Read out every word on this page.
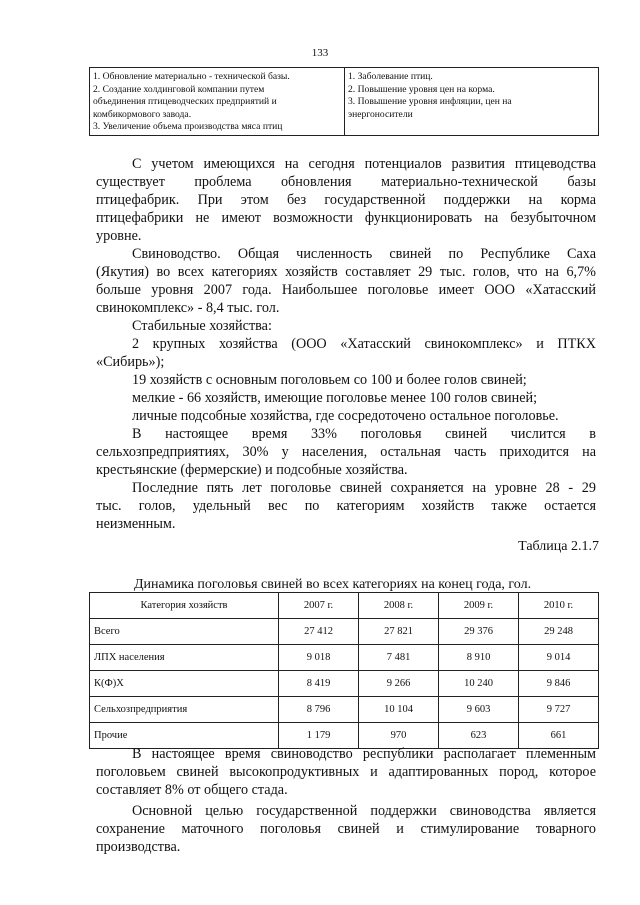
133
1. Обновление материально - технической базы.
2. Создание холдинговой компании путем
объединения птицеводческих предприятий и
комбикормового завода.
3. Увеличение объема производства мяса птиц

1. Заболевание птиц.
2. Повышение уровня цен на корма.
3. Повышение уровня инфляции, цен на
энергоносители

С учетом имеющихся на сегодня потенциалов развития птицеводства

существует проблема обновления материально-технической базы

птицефабрик. При этом без государственной поддержки на корма

птицефабрики не имеют возможности функционировать на безубыточном

уровне.

Свиноводство. Общая численность свиней по Республике Саха

(Якутия) во всех категориях хозяйств составляет 29 тыс. голов, что на 6,7%

больше уровня 2007 года. Наибольшее поголовье имеет ООО «Хатасский

свинокомплекс» - 8,4 тыс. гол.

Стабильные хозяйства:

2 крупных хозяйства (ООО «Хатасский свинокомплекс» и ПТКХ

«Сибирь»);

19 хозяйств с основным поголовьем со 100 и более голов свиней;

мелкие - 66 хозяйств, имеющие поголовье менее 100 голов свиней;

личные подсобные хозяйства, где сосредоточено остальное поголовье.

В настоящее время 33% поголовья свиней числится в

сельхозпредприятиях, 30% у населения, остальная часть приходится на

крестьянские (фермерские) и подсобные хозяйства.

Последние пять лет поголовье свиней сохраняется на уровне 28 - 29

тыс. голов, удельный вес по категориям хозяйств также остается

неизменным.

Таблица 2.1.7
Динамика поголовья свиней во всех категориях на конец года, гол.
Категория хозяйств	2007 г.	2008 г.	2009 г.	2010 г.
Всего	27 412	27 821	29 376	29 248
ЛПХ населения	9 018	7 481	8 910	9 014
К(Ф)Х	8 419	9 266	10 240	9 846
Сельхозпредприятия	8 796	10 104	9 603	9 727
Прочие	1 179	970	623	661

В настоящее время свиноводство республики располагает племенным

поголовьем свиней высокопродуктивных и адаптированных пород, которое

составляет 8% от общего стада.

Основной целью государственной поддержки свиноводства является

сохранение маточного поголовья свиней и стимулирование товарного

производства.
